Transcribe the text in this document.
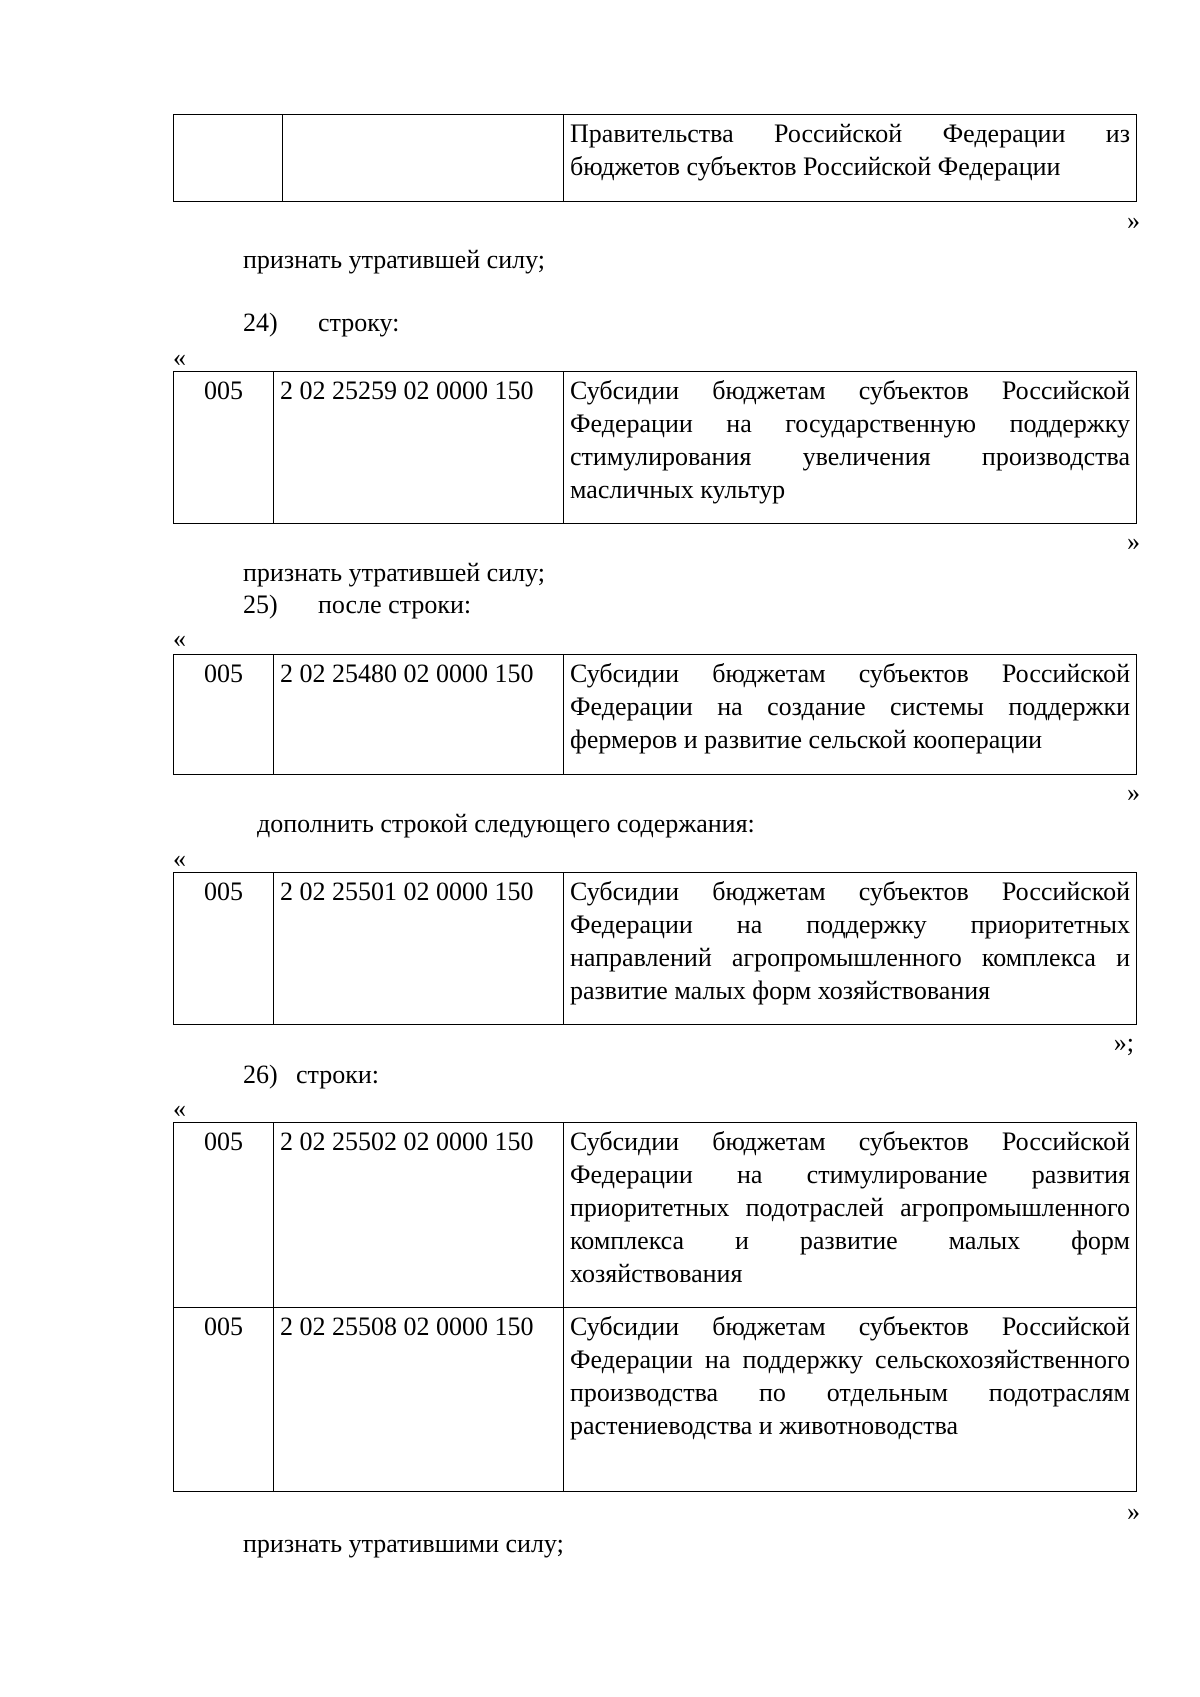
		Правительства Российской Федерации из бюджетов субъектов Российской Федерации
»
признать утратившей силу;
24) строку:
«
005	2 02 25259 02 0000 150	Субсидии бюджетам субъектов Российской Федерации на государственную поддержку стимулирования увеличения производства масличных культур
»
признать утратившей силу;
25) после строки:
«
005	2 02 25480 02 0000 150	Субсидии бюджетам субъектов Российской Федерации на создание системы поддержки фермеров и развитие сельской кооперации
»
дополнить строкой следующего содержания:
«
005	2 02 25501 02 0000 150	Субсидии бюджетам субъектов Российской Федерации на поддержку приоритетных направлений агропромышленного комплекса и развитие малых форм хозяйствования
»;
26) строки:
«
005	2 02 25502 02 0000 150	Субсидии бюджетам субъектов Российской Федерации на стимулирование развития приоритетных подотраслей агропромышленного комплекса и развитие малых форм хозяйствования
005	2 02 25508 02 0000 150	Субсидии бюджетам субъектов Российской Федерации на поддержку сельскохозяйственного производства по отдельным подотраслям растениеводства и животноводства
»
признать утратившими силу;
